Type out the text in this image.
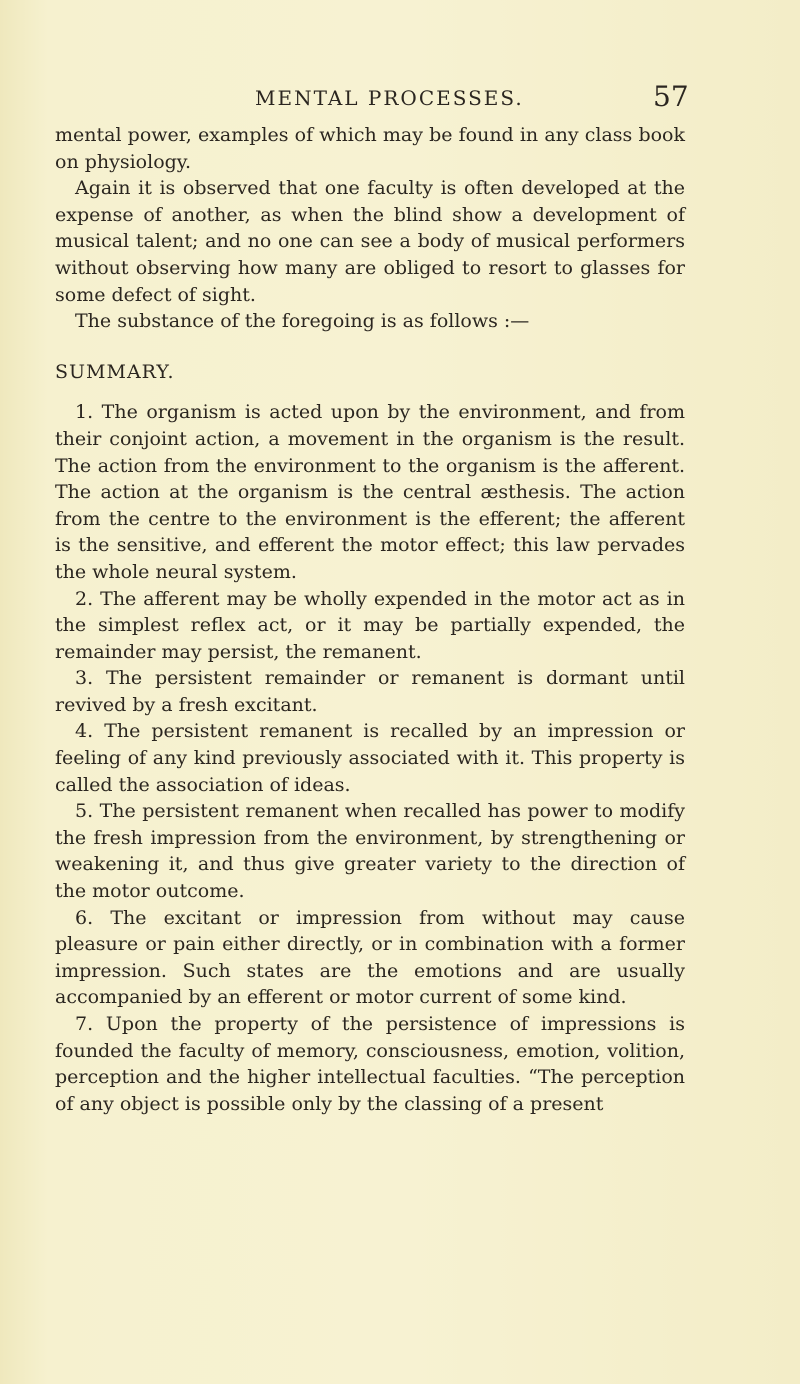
MENTAL PROCESSES.	57

mental power, examples of which may be found in any class book on physiology.

Again it is observed that one faculty is often developed at the expense of another, as when the blind show a development of musical talent; and no one can see a body of musical performers without observing how many are obliged to resort to glasses for some defect of sight.

The substance of the foregoing is as follows :—

SUMMARY.

1. The organism is acted upon by the environment, and from their conjoint action, a movement in the organism is the result. The action from the environment to the organism is the afferent. The action at the organism is the central æsthesis. The action from the centre to the environment is the efferent; the afferent is the sensitive, and efferent the motor effect; this law pervades the whole neural system.

2. The afferent may be wholly expended in the motor act as in the simplest reflex act, or it may be partially expended, the remainder may persist, the remanent.

3. The persistent remainder or remanent is dormant until revived by a fresh excitant.

4. The persistent remanent is recalled by an impression or feeling of any kind previously associated with it. This property is called the association of ideas.

5. The persistent remanent when recalled has power to modify the fresh impression from the environment, by strengthening or weakening it, and thus give greater variety to the direction of the motor outcome.

6. The excitant or impression from without may cause pleasure or pain either directly, or in combination with a former impression. Such states are the emotions and are usually accompanied by an efferent or motor current of some kind.

7. Upon the property of the persistence of impressions is founded the faculty of memory, consciousness, emotion, volition, perception and the higher intellectual faculties. “The perception of any object is possible only by the classing of a present
